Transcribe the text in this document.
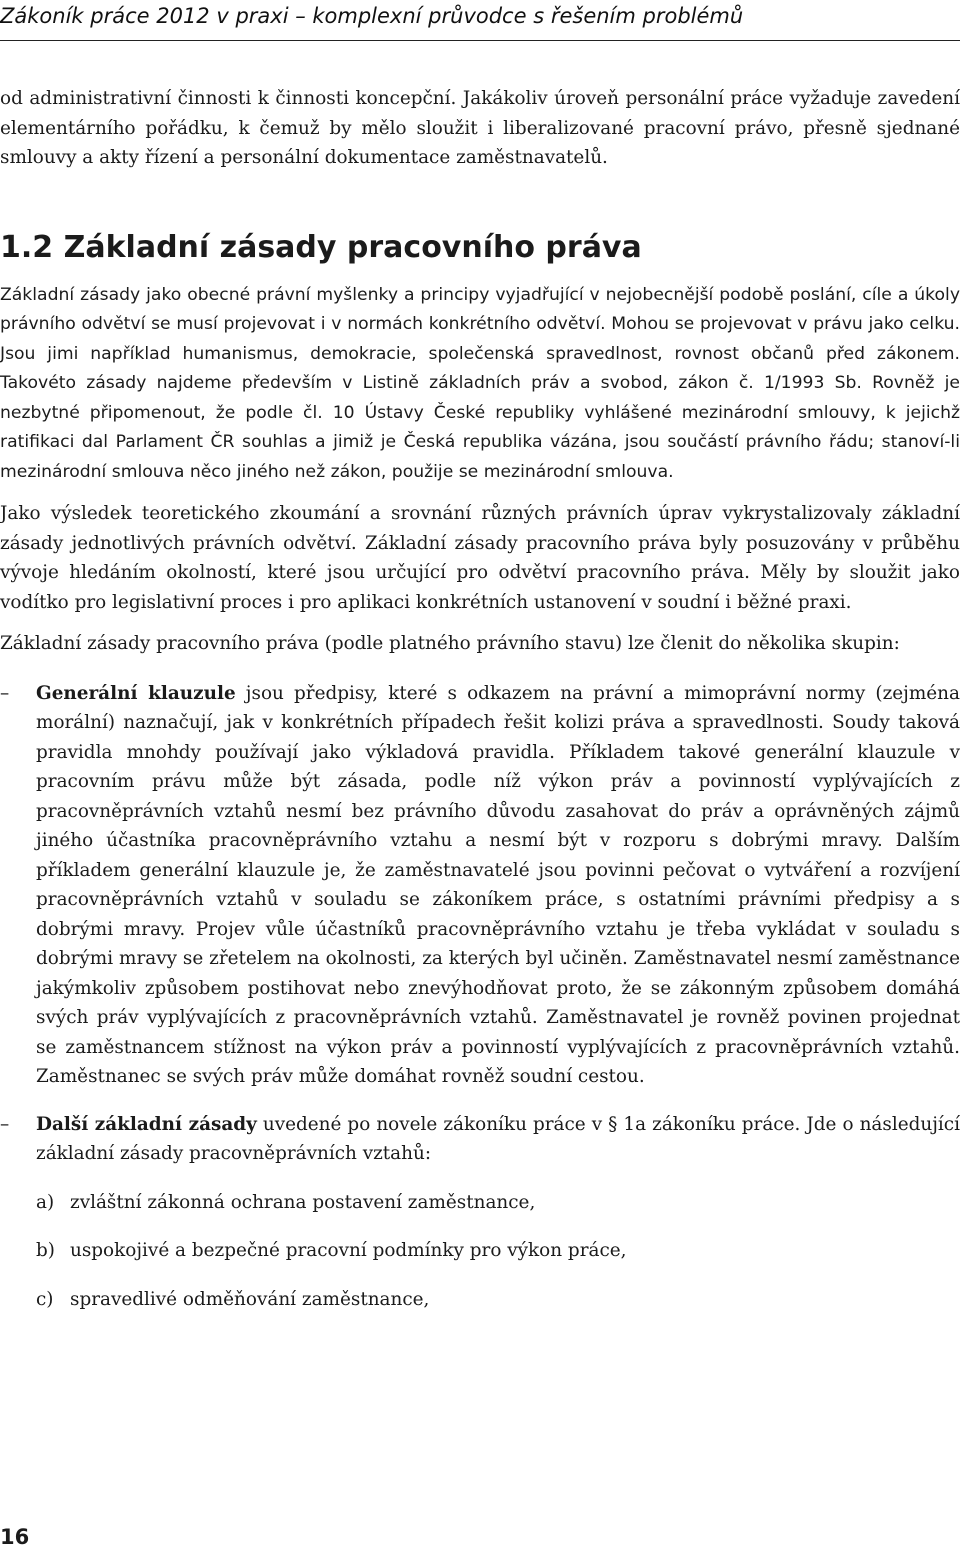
Zákoník práce 2012 v praxi – komplexní průvodce s řešením problémů

od administrativní činnosti k činnosti koncepční. Jakákoliv úroveň personální práce vyžaduje zavedení elementárního pořádku, k čemuž by mělo sloužit i liberalizované pracovní právo, přesně sjednané smlouvy a akty řízení a personální dokumentace zaměstnavatelů.

1.2 Základní zásady pracovního práva

Základní zásady jako obecné právní myšlenky a principy vyjadřující v nejobecnější podobě poslání, cíle a úkoly právního odvětví se musí projevovat i v normách konkrétního odvětví. Mohou se projevovat v právu jako celku. Jsou jimi například humanismus, demokracie, společenská spravedlnost, rovnost občanů před zákonem. Takovéto zásady najdeme především v Listině základních práv a svobod, zákon č. 1/1993 Sb. Rovněž je nezbytné připomenout, že podle čl. 10 Ústavy České republiky vyhlášené mezinárodní smlouvy, k jejichž ratifikaci dal Parlament ČR souhlas a jimiž je Česká republika vázána, jsou součástí právního řádu; stanoví-li mezinárodní smlouva něco jiného než zákon, použije se mezinárodní smlouva.

Jako výsledek teoretického zkoumání a srovnání různých právních úprav vykrystalizovaly základní zásady jednotlivých právních odvětví. Základní zásady pracovního práva byly posuzovány v průběhu vývoje hledáním okolností, které jsou určující pro odvětví pracovního práva. Měly by sloužit jako vodítko pro legislativní proces i pro aplikaci konkrétních ustanovení v soudní i běžné praxi.

Základní zásady pracovního práva (podle platného právního stavu) lze členit do několika skupin:

– Generální klauzule jsou předpisy, které s odkazem na právní a mimoprávní normy (zejména morální) naznačují, jak v konkrétních případech řešit kolizi práva a spravedlnosti. Soudy taková pravidla mnohdy používají jako výkladová pravidla. Příkladem takové generální klauzule v pracovním právu může být zásada, podle níž výkon práv a povinností vyplývajících z pracovněprávních vztahů nesmí bez právního důvodu zasahovat do práv a oprávněných zájmů jiného účastníka pracovněprávního vztahu a nesmí být v rozporu s dobrými mravy. Dalším příkladem generální klauzule je, že zaměstnavatelé jsou povinni pečovat o vytváření a rozvíjení pracovněprávních vztahů v souladu se zákoníkem práce, s ostatními právními předpisy a s dobrými mravy. Projev vůle účastníků pracovněprávního vztahu je třeba vykládat v souladu s dobrými mravy se zřetelem na okolnosti, za kterých byl učiněn. Zaměstnavatel nesmí zaměstnance jakýmkoliv způsobem postihovat nebo znevýhodňovat proto, že se zákonným způsobem domáhá svých práv vyplývajících z pracovněprávních vztahů. Zaměstnavatel je rovněž povinen projednat se zaměstnancem stížnost na výkon práv a povinností vyplývajících z pracovněprávních vztahů. Zaměstnanec se svých práv může domáhat rovněž soudní cestou.
– Další základní zásady uvedené po novele zákoníku práce v § 1a zákoníku práce. Jde o následující základní zásady pracovněprávních vztahů:
a) zvláštní zákonná ochrana postavení zaměstnance,
b) uspokojivé a bezpečné pracovní podmínky pro výkon práce,
c) spravedlivé odměňování zaměstnance,
16
